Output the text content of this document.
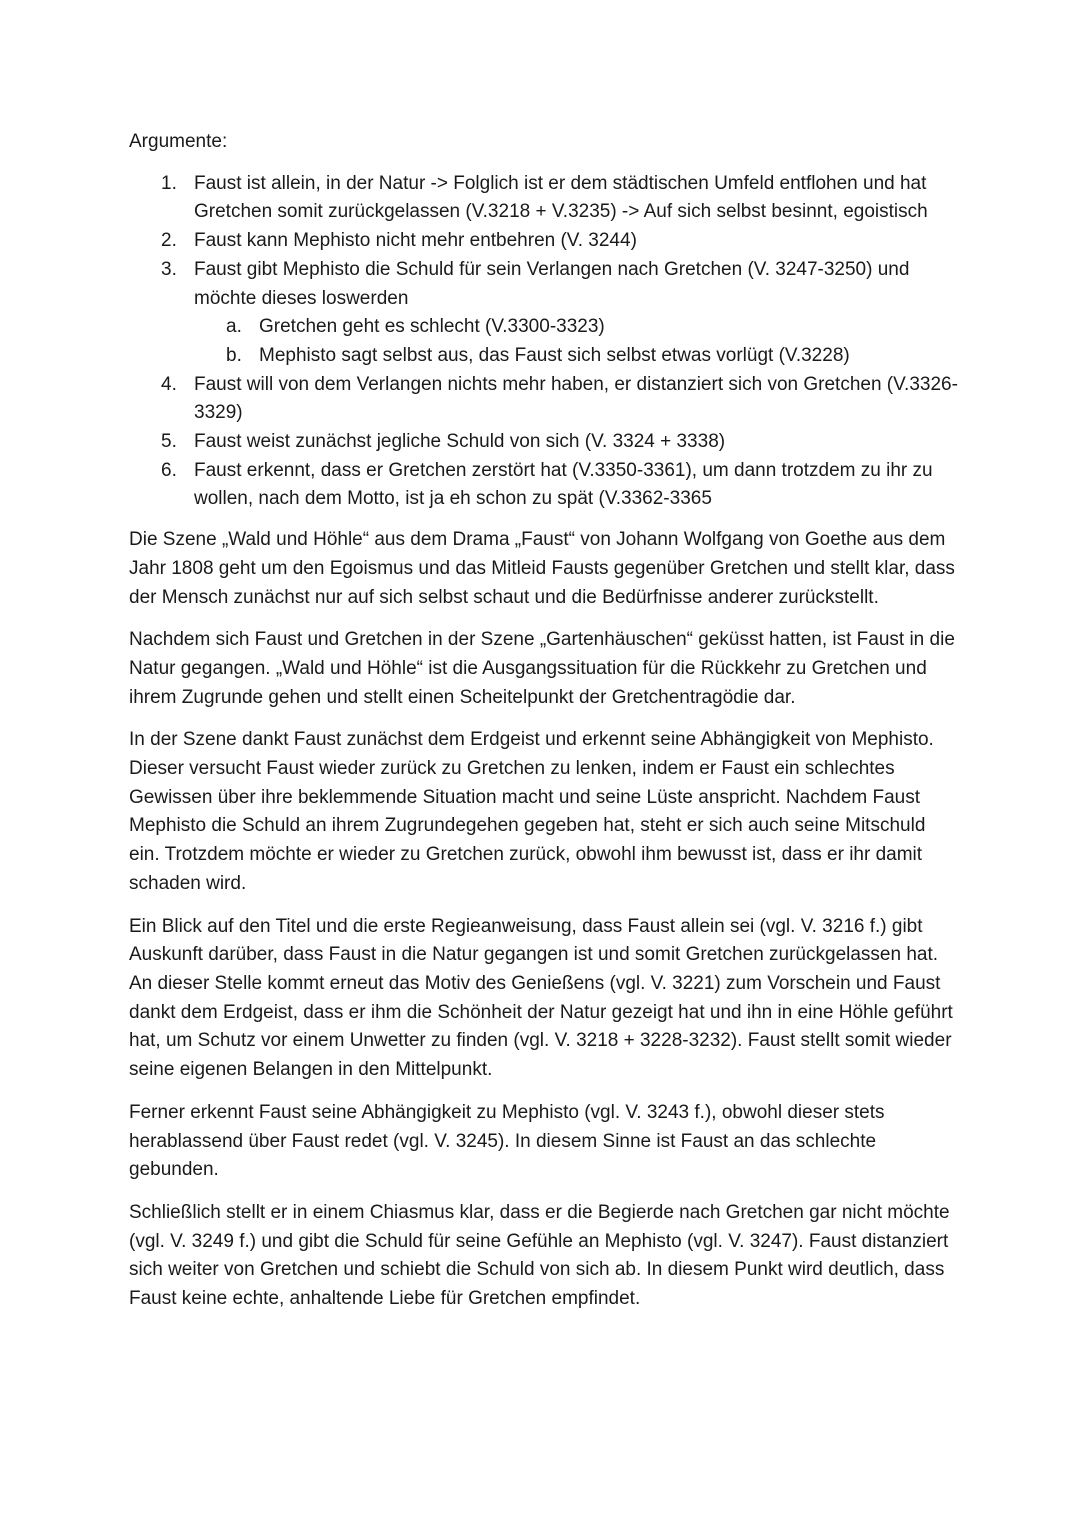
Argumente:
1. Faust ist allein, in der Natur -> Folglich ist er dem städtischen Umfeld entflohen und hat Gretchen somit zurückgelassen (V.3218 + V.3235) -> Auf sich selbst besinnt, egoistisch
2. Faust kann Mephisto nicht mehr entbehren (V. 3244)
3. Faust gibt Mephisto die Schuld für sein Verlangen nach Gretchen (V. 3247-3250) und möchte dieses loswerden
a. Gretchen geht es schlecht (V.3300-3323)
b. Mephisto sagt selbst aus, das Faust sich selbst etwas vorlügt (V.3228)
4. Faust will von dem Verlangen nichts mehr haben, er distanziert sich von Gretchen (V.3326-3329)
5. Faust weist zunächst jegliche Schuld von sich (V. 3324 + 3338)
6. Faust erkennt, dass er Gretchen zerstört hat (V.3350-3361), um dann trotzdem zu ihr zu wollen, nach dem Motto, ist ja eh schon zu spät (V.3362-3365

Die Szene „Wald und Höhle“ aus dem Drama „Faust“ von Johann Wolfgang von Goethe aus dem Jahr 1808 geht um den Egoismus und das Mitleid Fausts gegenüber Gretchen und stellt klar, dass der Mensch zunächst nur auf sich selbst schaut und die Bedürfnisse anderer zurückstellt.

Nachdem sich Faust und Gretchen in der Szene „Gartenhäuschen“ geküsst hatten, ist Faust in die Natur gegangen. „Wald und Höhle“ ist die Ausgangssituation für die Rückkehr zu Gretchen und ihrem Zugrunde gehen und stellt einen Scheitelpunkt der Gretchentragödie dar.

In der Szene dankt Faust zunächst dem Erdgeist und erkennt seine Abhängigkeit von Mephisto. Dieser versucht Faust wieder zurück zu Gretchen zu lenken, indem er Faust ein schlechtes Gewissen über ihre beklemmende Situation macht und seine Lüste anspricht. Nachdem Faust Mephisto die Schuld an ihrem Zugrundegehen gegeben hat, steht er sich auch seine Mitschuld ein. Trotzdem möchte er wieder zu Gretchen zurück, obwohl ihm bewusst ist, dass er ihr damit schaden wird.

Ein Blick auf den Titel und die erste Regieanweisung, dass Faust allein sei (vgl. V. 3216 f.) gibt Auskunft darüber, dass Faust in die Natur gegangen ist und somit Gretchen zurückgelassen hat. An dieser Stelle kommt erneut das Motiv des Genießens (vgl. V. 3221) zum Vorschein und Faust dankt dem Erdgeist, dass er ihm die Schönheit der Natur gezeigt hat und ihn in eine Höhle geführt hat, um Schutz vor einem Unwetter zu finden (vgl. V. 3218 + 3228-3232). Faust stellt somit wieder seine eigenen Belangen in den Mittelpunkt.

Ferner erkennt Faust seine Abhängigkeit zu Mephisto (vgl. V. 3243 f.), obwohl dieser stets herablassend über Faust redet (vgl. V. 3245). In diesem Sinne ist Faust an das schlechte gebunden.

Schließlich stellt er in einem Chiasmus klar, dass er die Begierde nach Gretchen gar nicht möchte (vgl. V. 3249 f.) und gibt die Schuld für seine Gefühle an Mephisto (vgl. V. 3247). Faust distanziert sich weiter von Gretchen und schiebt die Schuld von sich ab. In diesem Punkt wird deutlich, dass Faust keine echte, anhaltende Liebe für Gretchen empfindet.
